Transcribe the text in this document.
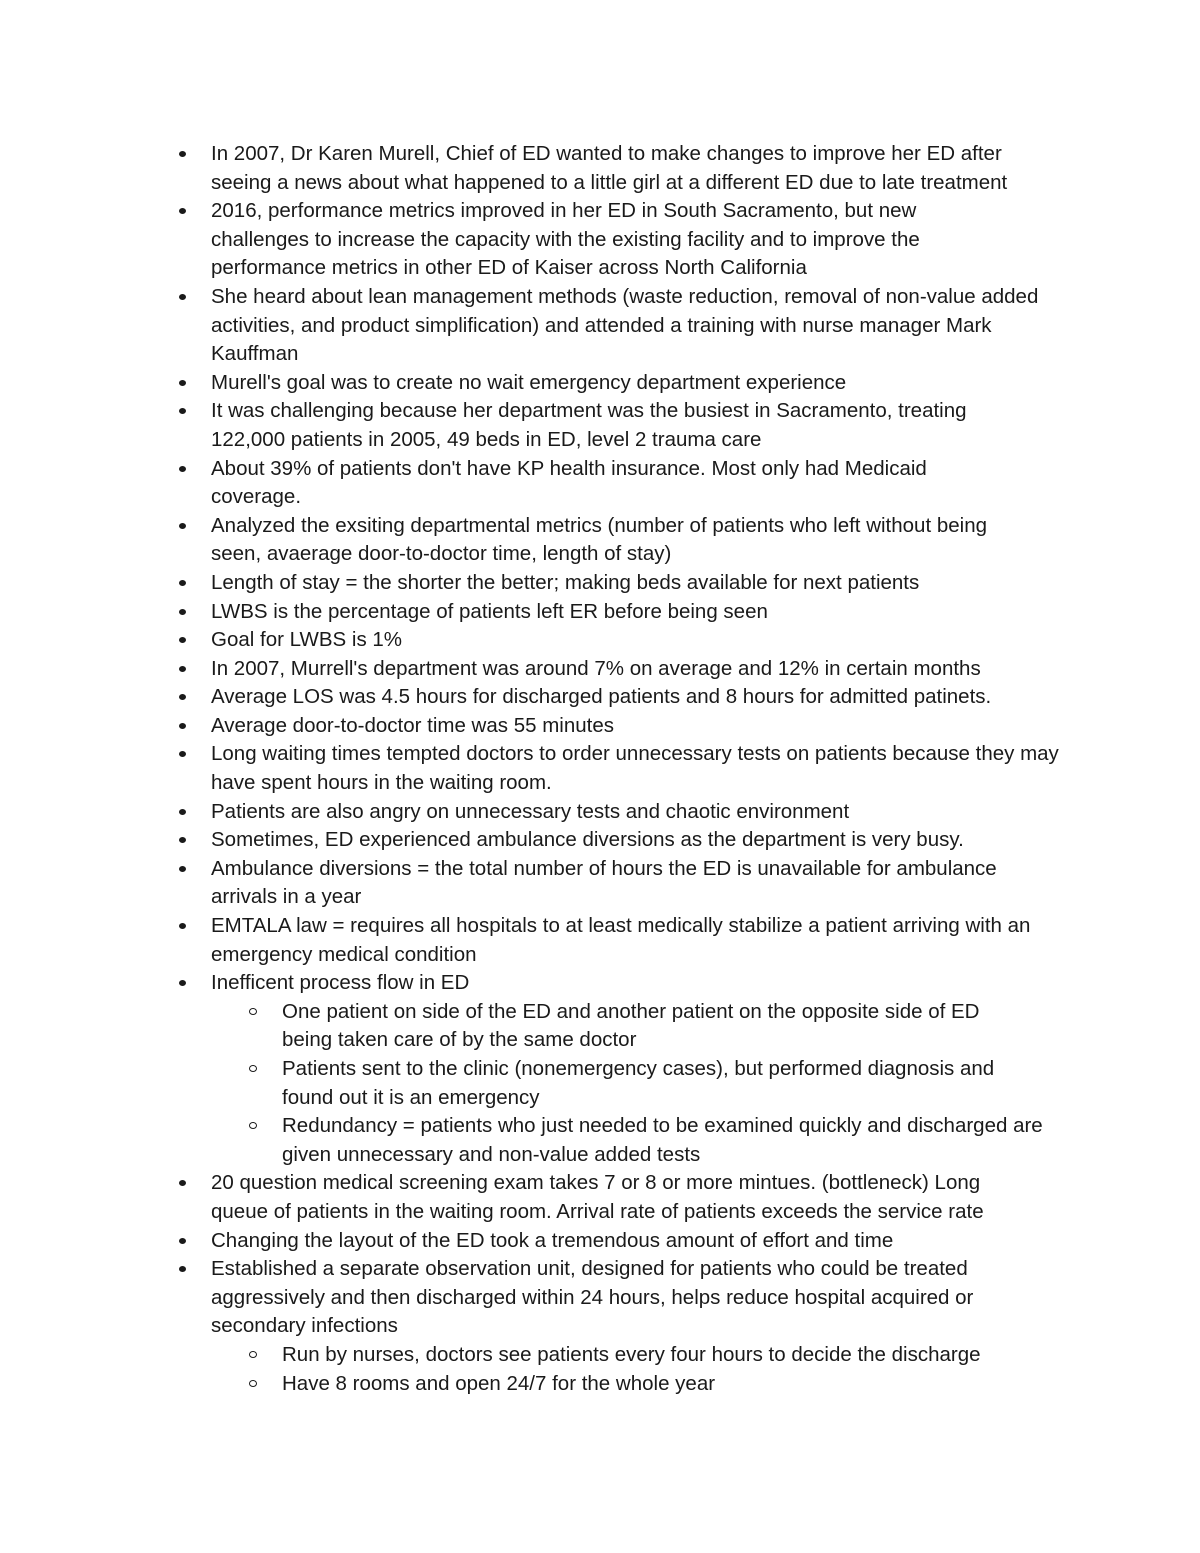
In 2007, Dr Karen Murell, Chief of ED wanted to make changes to improve her ED after seeing a news about what happened to a little girl at a different ED due to late treatment
2016, performance metrics improved in her ED in South Sacramento, but new challenges to increase the capacity with the existing facility and to improve the performance metrics in other ED of Kaiser across North California
She heard about lean management methods (waste reduction, removal of non-value added activities, and product simplification) and attended a training with nurse manager Mark Kauffman
Murell's goal was to create no wait emergency department experience
It was challenging because her department was the busiest in Sacramento, treating 122,000 patients in 2005, 49 beds in ED, level 2 trauma care
About 39% of patients don't have KP health insurance. Most only had Medicaid coverage.
Analyzed the exsiting departmental metrics (number of patients who left without being seen, avaerage door-to-doctor time, length of stay)
Length of stay = the shorter the better; making beds available for next patients
LWBS is the percentage of patients left ER before being seen
Goal for LWBS is 1%
In 2007, Murrell's department was around 7% on average and 12% in certain months
Average LOS was 4.5 hours for discharged patients and 8 hours for admitted patinets.
Average door-to-doctor time was 55 minutes
Long waiting times tempted doctors to order unnecessary tests on patients because they may have spent hours in the waiting room.
Patients are also angry on unnecessary tests and chaotic environment
Sometimes, ED experienced ambulance diversions as the department is very busy.
Ambulance diversions = the total number of hours the ED is unavailable for ambulance arrivals in a year
EMTALA law = requires all hospitals to at least medically stabilize a patient arriving with an emergency medical condition
Inefficent process flow in ED
One patient on side of the ED and another patient on the opposite side of ED being taken care of by the same doctor
Patients sent to the clinic (nonemergency cases), but performed diagnosis and found out it is an emergency
Redundancy = patients who just needed to be examined quickly and discharged are given unnecessary and non-value added tests
20 question medical screening exam takes 7 or 8 or more mintues. (bottleneck) Long queue of patients in the waiting room. Arrival rate of patients exceeds the service rate
Changing the layout of the ED took a tremendous amount of effort and time
Established a separate observation unit, designed for patients who could be treated aggressively and then discharged within 24 hours, helps reduce hospital acquired or secondary infections
Run by nurses, doctors see patients every four hours to decide the discharge
Have 8 rooms and open 24/7 for the whole year
